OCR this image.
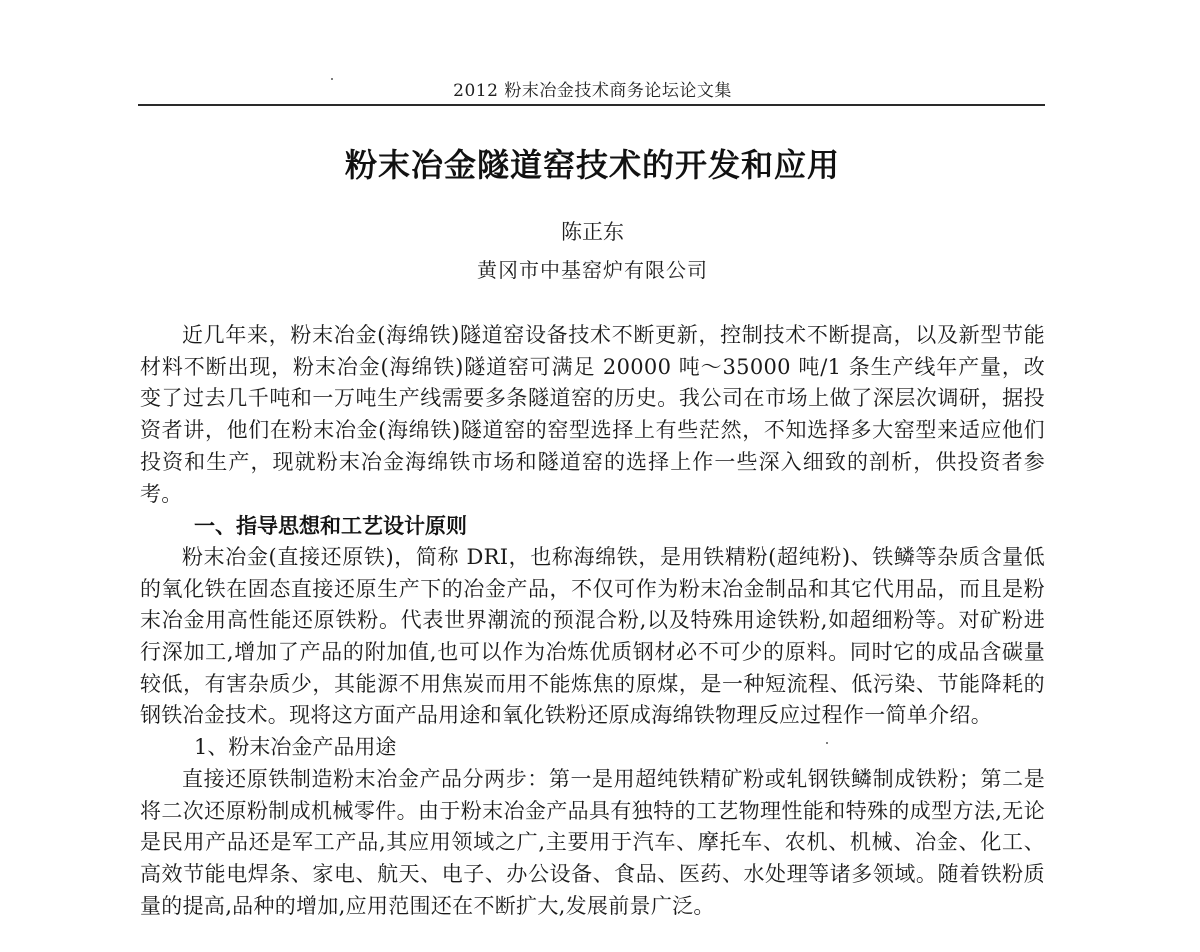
2012 粉末冶金技术商务论坛论文集
粉末冶金隧道窑技术的开发和应用
陈正东
黄冈市中基窑炉有限公司

近几年来，粉末冶金(海绵铁)隧道窑设备技术不断更新，控制技术不断提高，以及新型节能材料不断出现，粉末冶金(海绵铁)隧道窑可满足 20000 吨～35000 吨/1 条生产线年产量，改变了过去几千吨和一万吨生产线需要多条隧道窑的历史。我公司在市场上做了深层次调研，据投资者讲，他们在粉末冶金(海绵铁)隧道窑的窑型选择上有些茫然，不知选择多大窑型来适应他们投资和生产，现就粉末冶金海绵铁市场和隧道窑的选择上作一些深入细致的剖析，供投资者参考。

一、指导思想和工艺设计原则

粉末冶金(直接还原铁)，简称 DRI，也称海绵铁，是用铁精粉(超纯粉)、铁鳞等杂质含量低的氧化铁在固态直接还原生产下的冶金产品，不仅可作为粉末冶金制品和其它代用品，而且是粉末冶金用高性能还原铁粉。代表世界潮流的预混合粉,以及特殊用途铁粉,如超细粉等。对矿粉进行深加工,增加了产品的附加值,也可以作为冶炼优质钢材必不可少的原料。同时它的成品含碳量较低，有害杂质少，其能源不用焦炭而用不能炼焦的原煤，是一种短流程、低污染、节能降耗的钢铁冶金技术。现将这方面产品用途和氧化铁粉还原成海绵铁物理反应过程作一简单介绍。

1、粉末冶金产品用途

直接还原铁制造粉末冶金产品分两步：第一是用超纯铁精矿粉或轧钢铁鳞制成铁粉；第二是将二次还原粉制成机械零件。由于粉末冶金产品具有独特的工艺物理性能和特殊的成型方法,无论是民用产品还是军工产品,其应用领域之广,主要用于汽车、摩托车、农机、机械、冶金、化工、高效节能电焊条、家电、航天、电子、办公设备、食品、医药、水处理等诸多领域。随着铁粉质量的提高,品种的增加,应用范围还在不断扩大,发展前景广泛。
